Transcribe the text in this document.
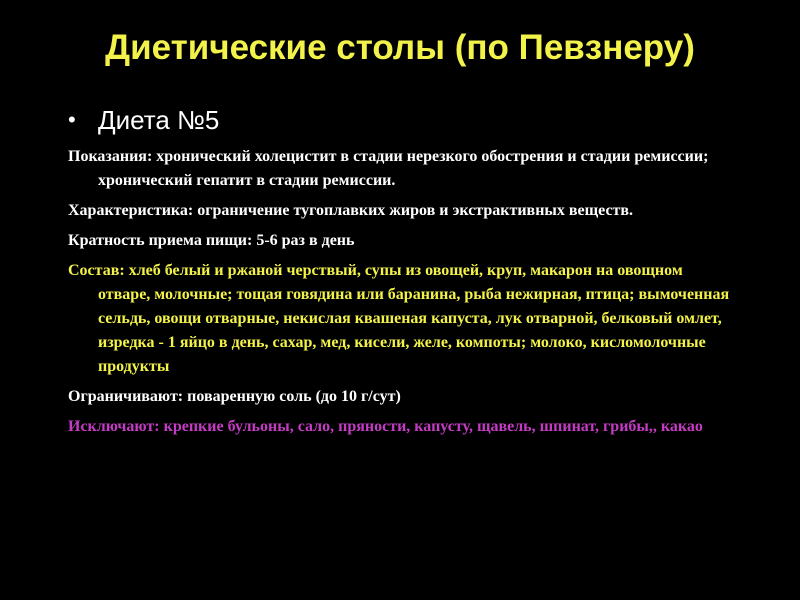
Диетические столы (по Певзнеру)
• Диета №5
Показания: хронический холецистит в стадии нерезкого обострения и стадии ремиссии; хронический гепатит в стадии ремиссии.
Характеристика: ограничение тугоплавких жиров и экстрактивных веществ.
Кратность приема пищи: 5-6 раз в день
Состав: хлеб белый и ржаной черствый, супы из овощей, круп, макарон на овощном отваре, молочные; тощая говядина или баранина, рыба нежирная, птица; вымоченная сельдь, овощи отварные, некислая квашеная капуста, лук отварной, белковый омлет, изредка - 1 яйцо в день, сахар, мед, кисели, желе, компоты; молоко, кисломолочные продукты
Ограничивают: поваренную соль (до 10 г/сут)
Исключают: крепкие бульоны, сало, пряности, капусту, щавель, шпинат, грибы,, какао
